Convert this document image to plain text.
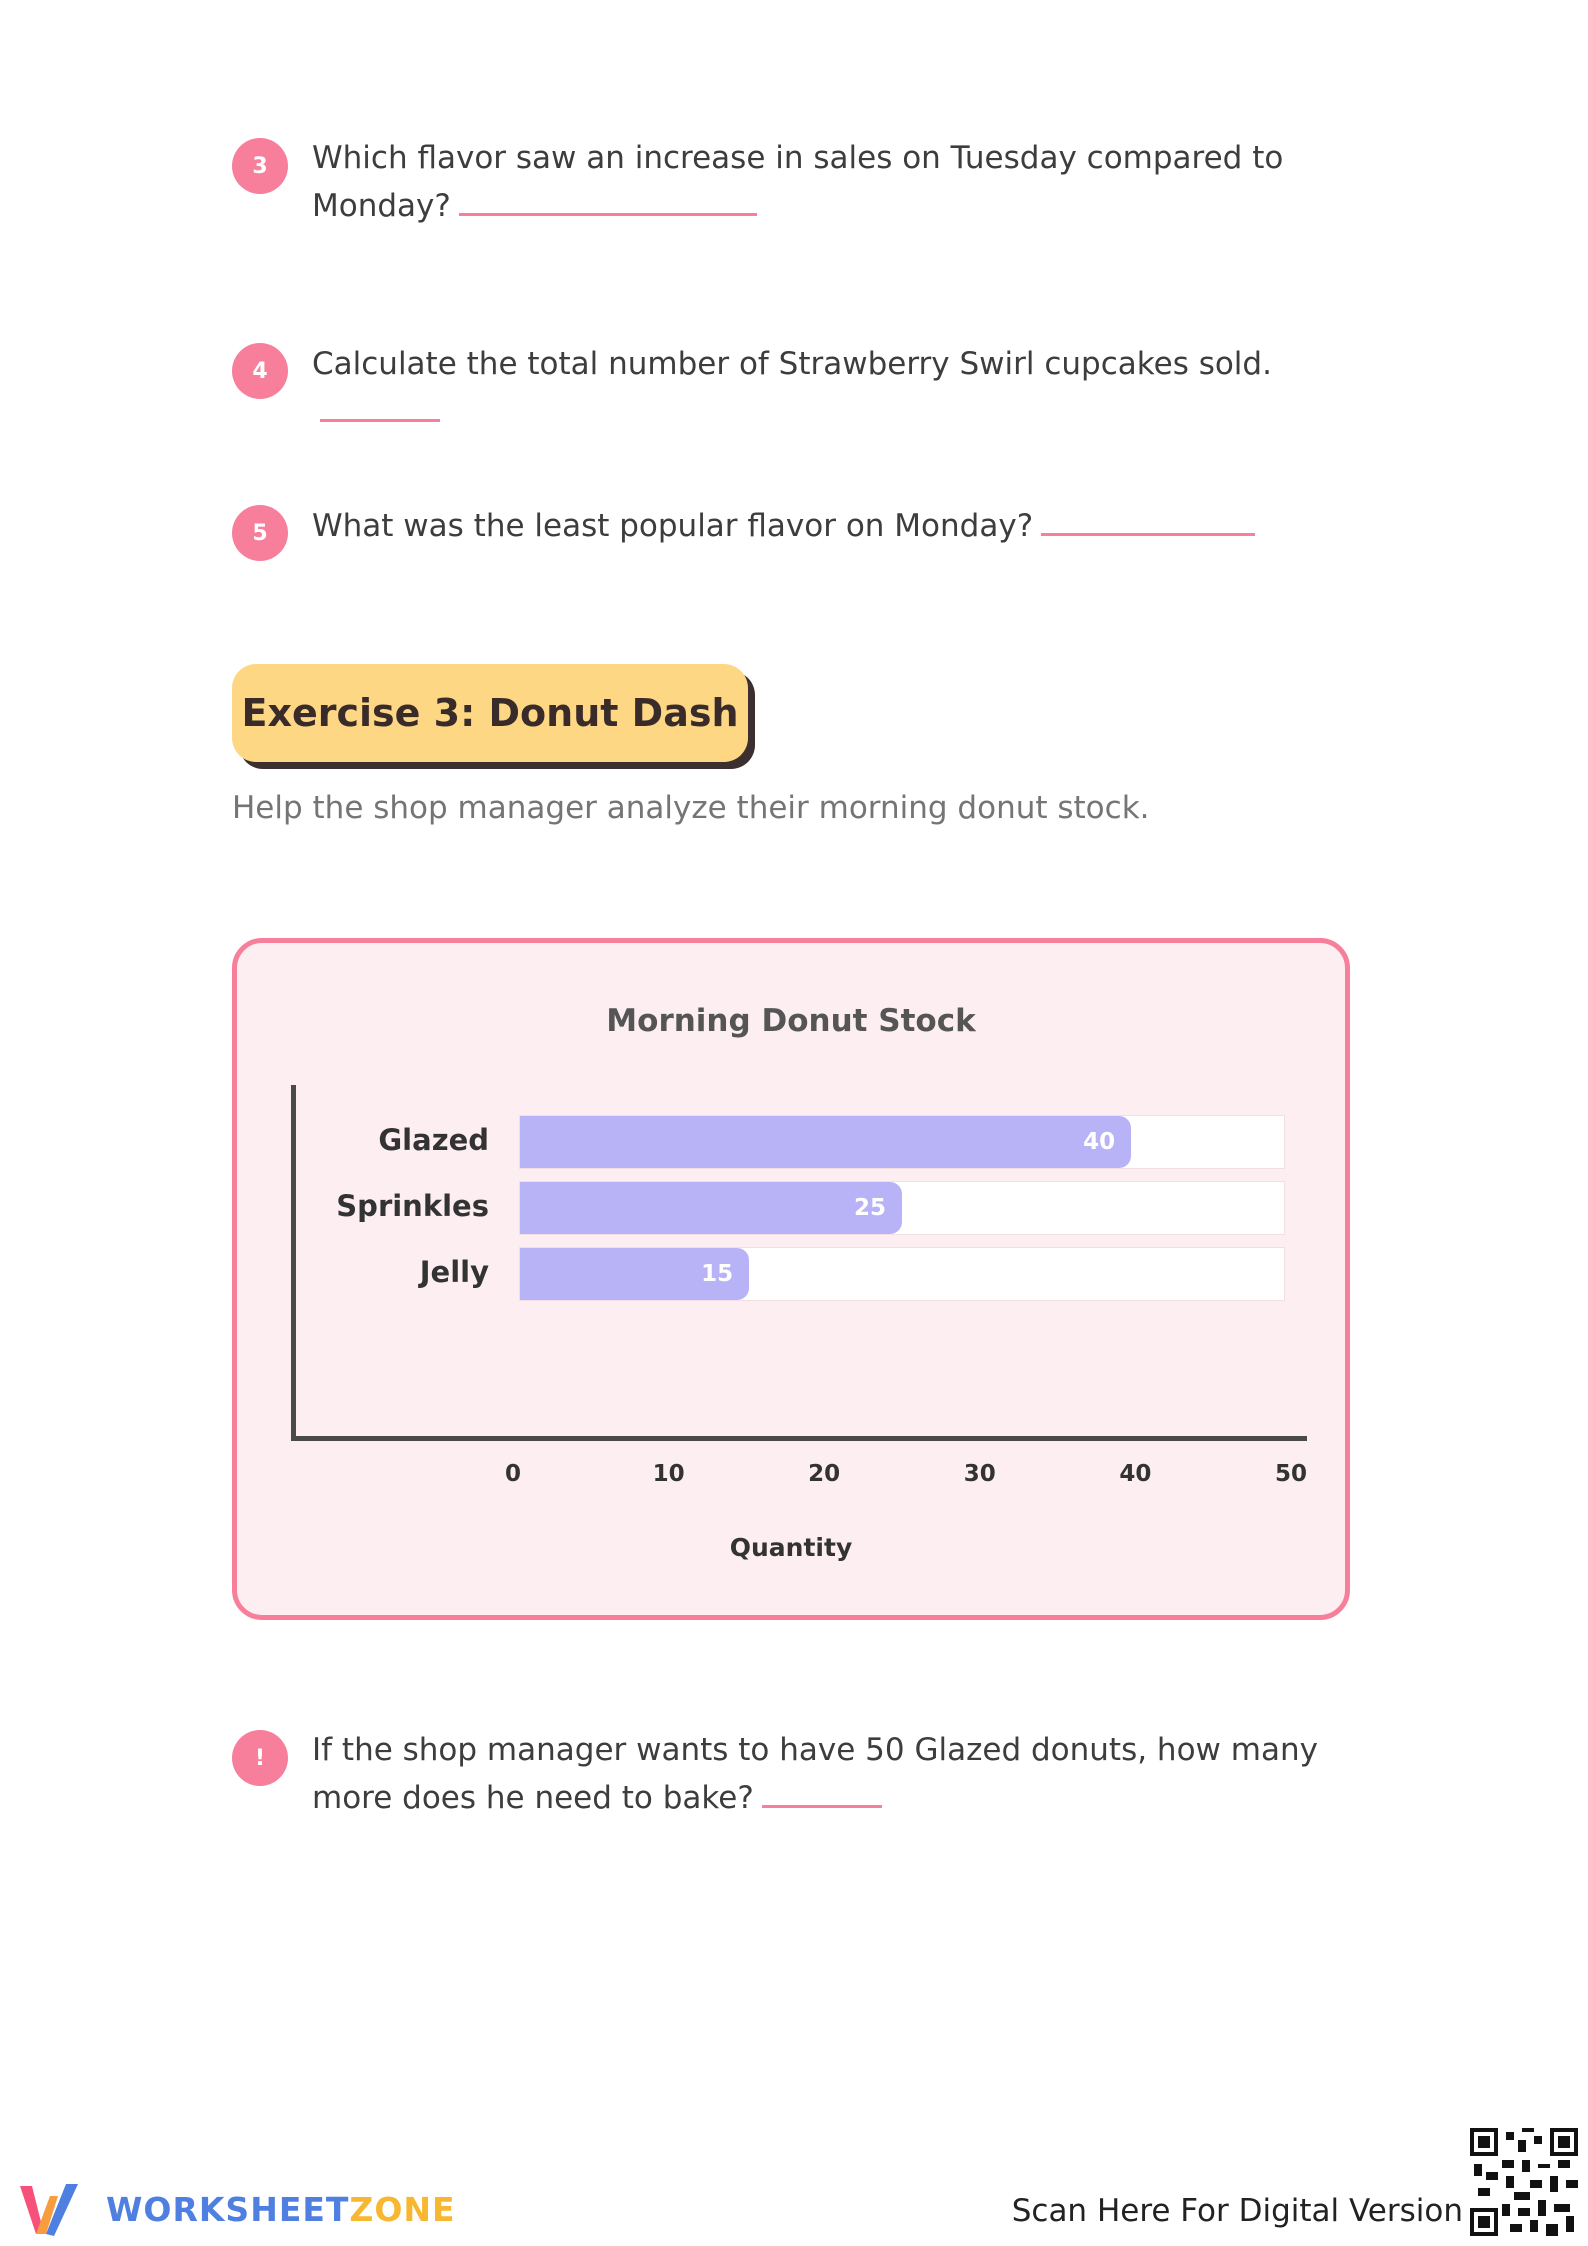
3	Which flavor saw an increase in sales on Tuesday compared to Monday?
4	Calculate the total number of Strawberry Swirl cupcakes sold.
5	What was the least popular flavor on Monday?
Exercise 3: Donut Dash
Help the shop manager analyze their morning donut stock.
Morning Donut Stock
Glazed	40
Sprinkles	25
Jelly	15
0	10	20	30	40	50
Quantity
!	If the shop manager wants to have 50 Glazed donuts, how many more does he need to bake?
WORKSHEETZONE	Scan Here For Digital Version
